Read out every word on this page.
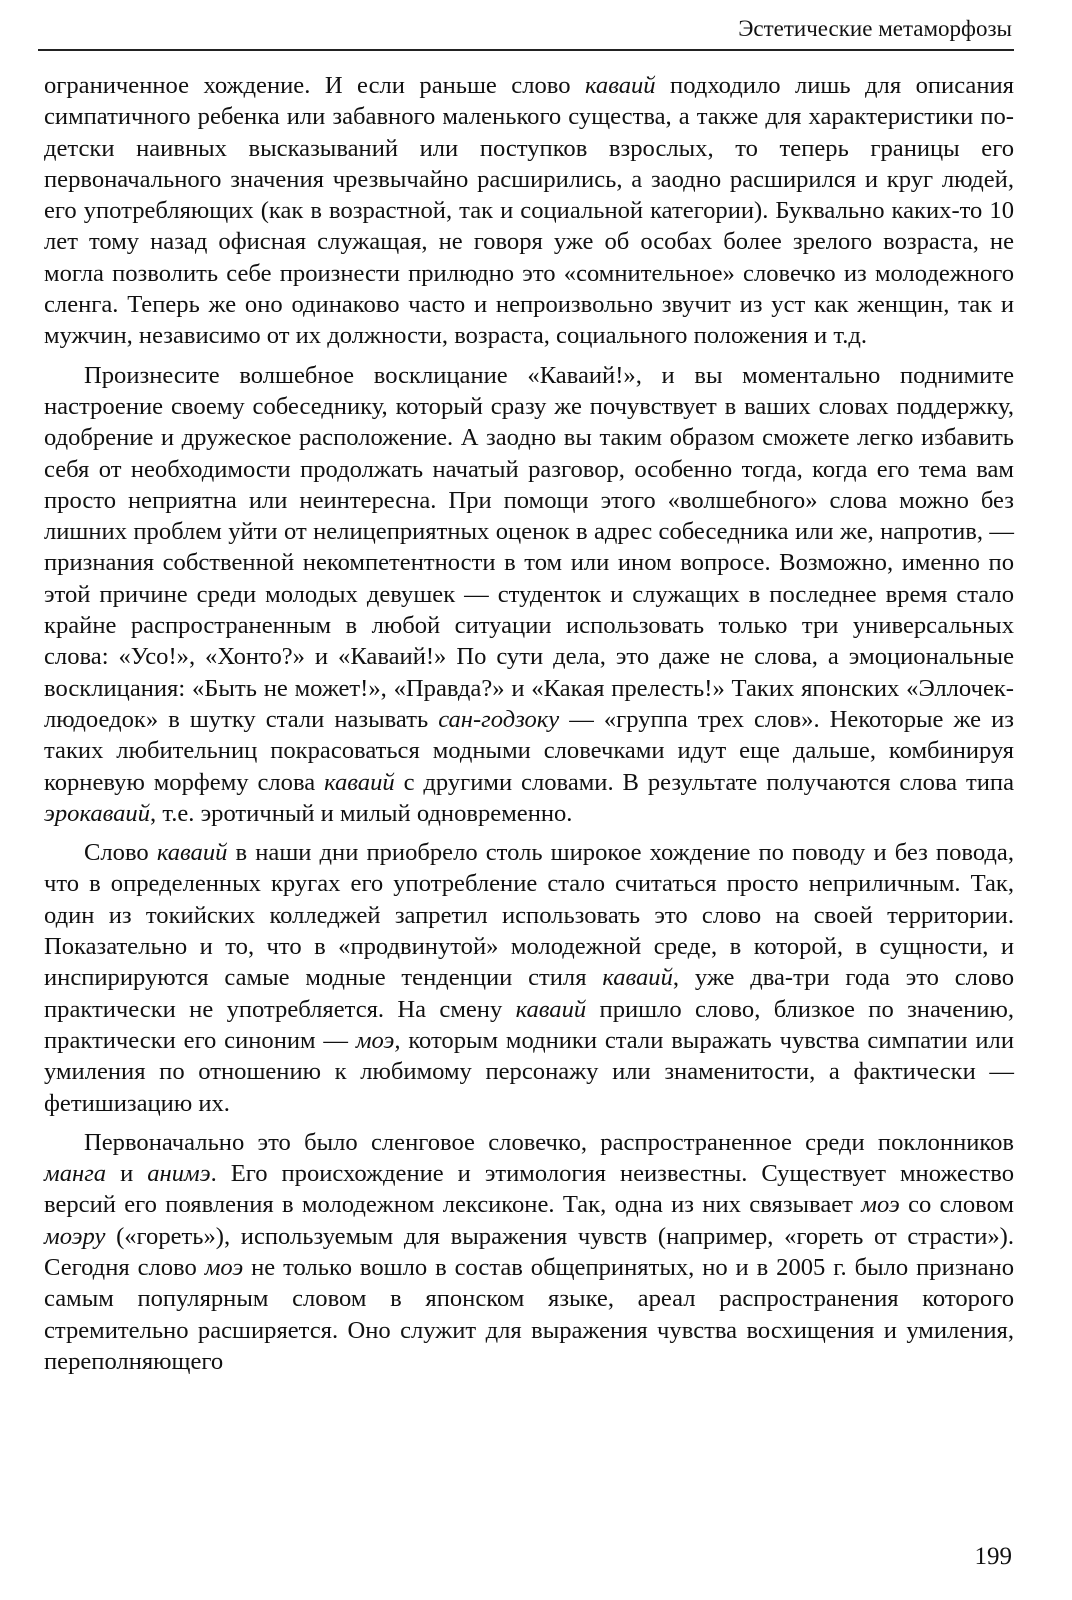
Эстетические метаморфозы

ограниченное хождение. И если раньше слово каваий подходило лишь для описания симпатичного ребенка или забавного маленького существа, а также для характеристики по-детски наивных высказываний или поступков взрослых, то теперь границы его первоначального значения чрезвычайно расширились, а заодно расширился и круг людей, его употребляющих (как в возрастной, так и социальной категории). Буквально каких-то 10 лет тому назад офисная служащая, не говоря уже об особах более зрелого возраста, не могла позволить себе произнести прилюдно это «сомнительное» словечко из молодежного сленга. Теперь же оно одинаково часто и непроизвольно звучит из уст как женщин, так и мужчин, независимо от их должности, возраста, социального положения и т.д.

Произнесите волшебное восклицание «Каваий!», и вы моментально поднимите настроение своему собеседнику, который сразу же почувствует в ваших словах поддержку, одобрение и дружеское расположение. А заодно вы таким образом сможете легко избавить себя от необходимости продолжать начатый разговор, особенно тогда, когда его тема вам просто неприятна или неинтересна. При помощи этого «волшебного» слова можно без лишних проблем уйти от нелицеприятных оценок в адрес собеседника или же, напротив, — признания собственной некомпетентности в том или ином вопросе. Возможно, именно по этой причине среди молодых девушек — студенток и служащих в последнее время стало крайне распространенным в любой ситуации использовать только три универсальных слова: «Усо!», «Хонто?» и «Каваий!» По сути дела, это даже не слова, а эмоциональные восклицания: «Быть не может!», «Правда?» и «Какая прелесть!» Таких японских «Эллочек-людоедок» в шутку стали называть сан-годзоку — «группа трех слов». Некоторые же из таких любительниц покрасоваться модными словечками идут еще дальше, комбинируя корневую морфему слова каваий с другими словами. В результате получаются слова типа эрокаваий, т.е. эротичный и милый одновременно.

Слово каваий в наши дни приобрело столь широкое хождение по поводу и без повода, что в определенных кругах его употребление стало считаться просто неприличным. Так, один из токийских колледжей запретил использовать это слово на своей территории. Показательно и то, что в «продвинутой» молодежной среде, в которой, в сущности, и инспирируются самые модные тенденции стиля каваий, уже два-три года это слово практически не употребляется. На смену каваий пришло слово, близкое по значению, практически его синоним — моэ, которым модники стали выражать чувства симпатии или умиления по отношению к любимому персонажу или знаменитости, а фактически — фетишизацию их.

Первоначально это было сленговое словечко, распространенное среди поклонников манга и анимэ. Его происхождение и этимология неизвестны. Существует множество версий его появления в молодежном лексиконе. Так, одна из них связывает моэ со словом моэру («гореть»), используемым для выражения чувств (например, «гореть от страсти»). Сегодня слово моэ не только вошло в состав общепринятых, но и в 2005 г. было признано самым популярным словом в японском языке, ареал распространения которого стремительно расширяется. Оно служит для выражения чувства восхищения и умиления, переполняющего

199
